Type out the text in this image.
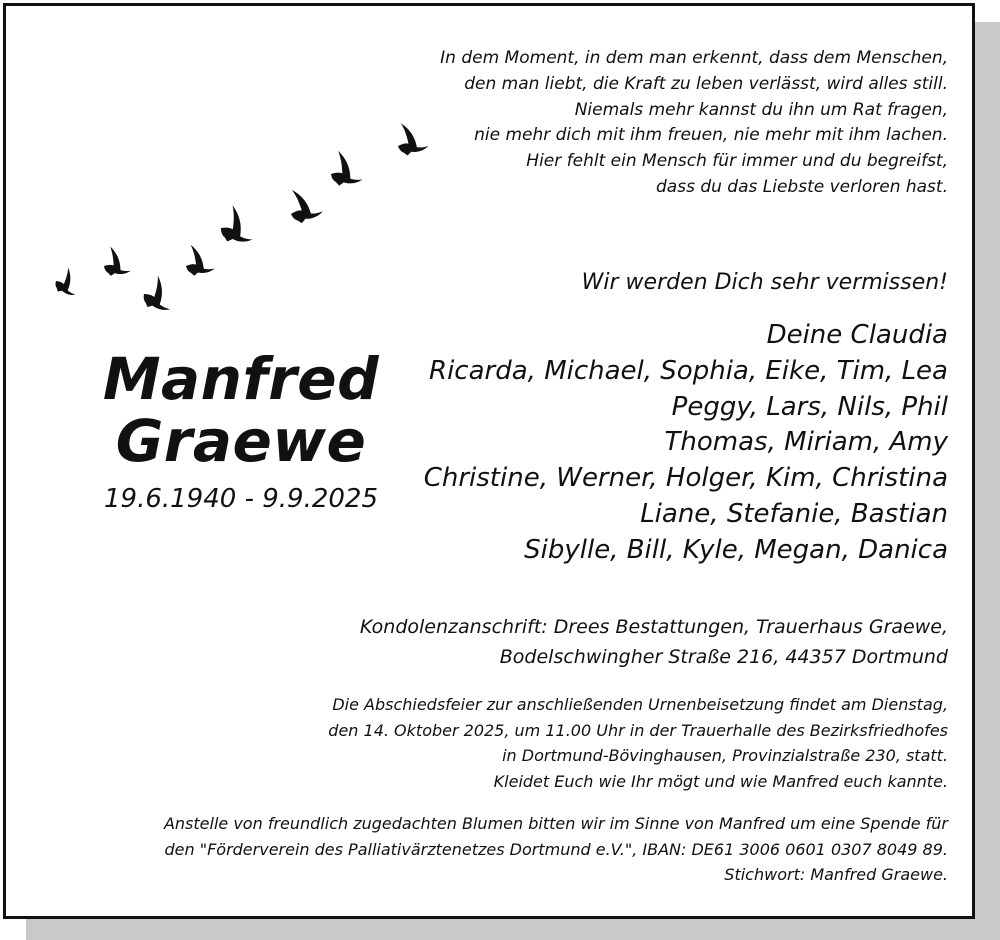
In dem Moment, in dem man erkennt, dass dem Menschen,
den man liebt, die Kraft zu leben verlässt, wird alles still.
Niemals mehr kannst du ihn um Rat fragen,
nie mehr dich mit ihm freuen, nie mehr mit ihm lachen.
Hier fehlt ein Mensch für immer und du begreifst,
dass du das Liebste verloren hast.
Manfred
Graewe
19.6.1940 - 9.9.2025
Wir werden Dich sehr vermissen!
Deine Claudia
Ricarda, Michael, Sophia, Eike, Tim, Lea
Peggy, Lars, Nils, Phil
Thomas, Miriam, Amy
Christine, Werner, Holger, Kim, Christina
Liane, Stefanie, Bastian
Sibylle, Bill, Kyle, Megan, Danica
Kondolenzanschrift: Drees Bestattungen, Trauerhaus Graewe,
Bodelschwingher Straße 216, 44357 Dortmund
Die Abschiedsfeier zur anschließenden Urnenbeisetzung findet am Dienstag,
den 14. Oktober 2025, um 11.00 Uhr in der Trauerhalle des Bezirksfriedhofes
in Dortmund-Bövinghausen, Provinzialstraße 230, statt.
Kleidet Euch wie Ihr mögt und wie Manfred euch kannte.
Anstelle von freundlich zugedachten Blumen bitten wir im Sinne von Manfred um eine Spende für
den "Förderverein des Palliativärztenetzes Dortmund e.V.", IBAN: DE61 3006 0601 0307 8049 89.
Stichwort: Manfred Graewe.
